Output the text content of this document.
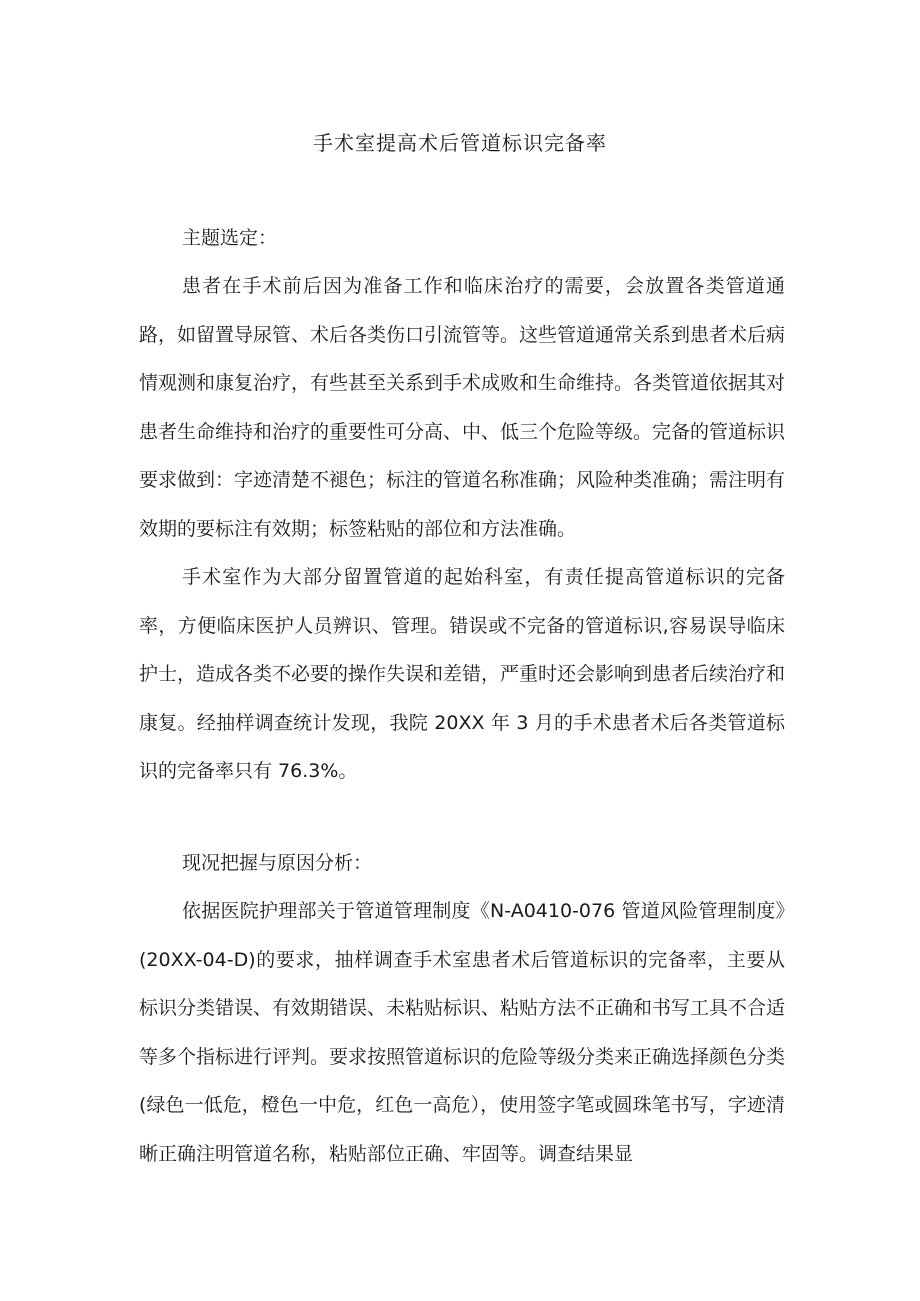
手术室提高术后管道标识完备率
主题选定：

患者在手术前后因为准备工作和临床治疗的需要，会放置各类管道通路，如留置导尿管、术后各类伤口引流管等。这些管道通常关系到患者术后病情观测和康复治疗，有些甚至关系到手术成败和生命维持。各类管道依据其对患者生命维持和治疗的重要性可分高、中、低三个危险等级。完备的管道标识要求做到：字迹清楚不褪色；标注的管道名称准确；风险种类准确；需注明有效期的要标注有效期；标签粘贴的部位和方法准确。

手术室作为大部分留置管道的起始科室，有责任提高管道标识的完备率，方便临床医护人员辨识、管理。错误或不完备的管道标识,容易误导临床护士，造成各类不必要的操作失误和差错，严重时还会影响到患者后续治疗和康复。经抽样调查统计发现，我院 20XX 年 3 月的手术患者术后各类管道标识的完备率只有 76.3%。

现况把握与原因分析：

依据医院护理部关于管道管理制度《N-A0410-076 管道风险管理制度》(20XX-04-D)的要求，抽样调查手术室患者术后管道标识的完备率，主要从标识分类错误、有效期错误、未粘贴标识、粘贴方法不正确和书写工具不合适等多个指标进行评判。要求按照管道标识的危险等级分类来正确选择颜色分类(绿色一低危，橙色一中危，红色一高危），使用签字笔或圆珠笔书写，字迹清晰正确注明管道名称，粘贴部位正确、牢固等。调查结果显
